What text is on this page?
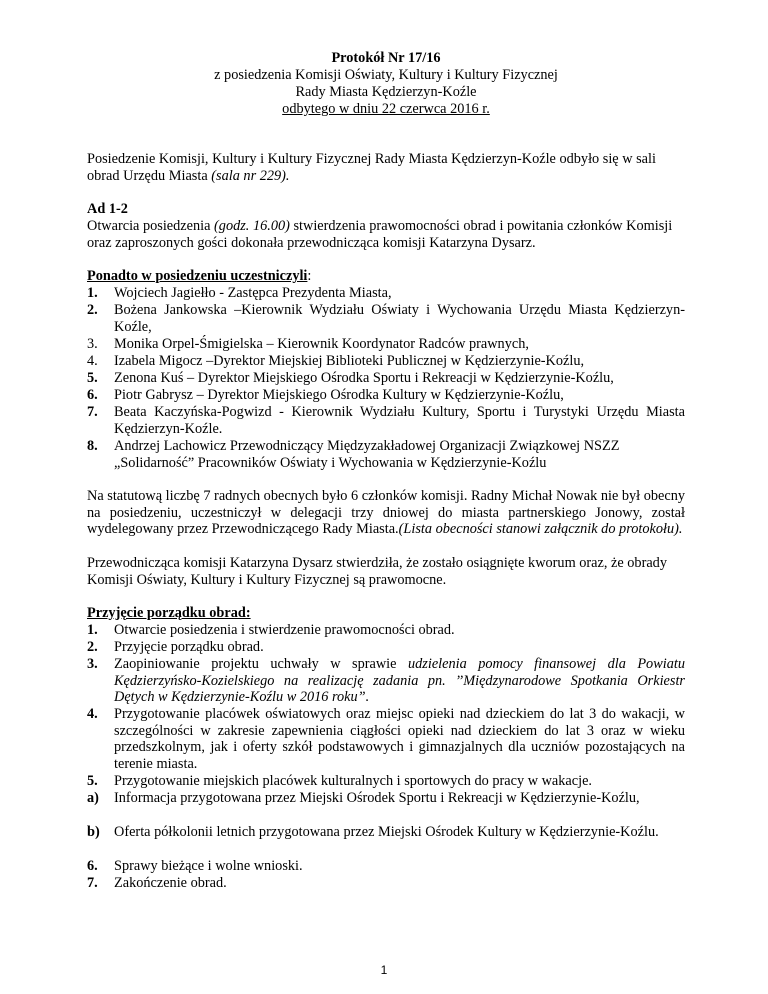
Protokół Nr 17/16
z posiedzenia Komisji Oświaty, Kultury i Kultury Fizycznej
Rady Miasta Kędzierzyn-Koźle
odbytego w dniu 22 czerwca 2016 r.
Posiedzenie Komisji, Kultury i Kultury Fizycznej Rady Miasta Kędzierzyn-Koźle odbyło się w sali obrad Urzędu Miasta (sala nr 229).
Ad 1-2
Otwarcia posiedzenia (godz. 16.00) stwierdzenia prawomocności obrad i powitania członków Komisji oraz zaproszonych gości dokonała przewodnicząca komisji Katarzyna Dysarz.
Ponadto w posiedzeniu uczestniczyli:
1.	Wojciech Jagiełło - Zastępca Prezydenta Miasta,
2.	Bożena Jankowska –Kierownik Wydziału Oświaty i Wychowania Urzędu Miasta Kędzierzyn-Koźle,
3.	Monika Orpel-Śmigielska – Kierownik Koordynator Radców prawnych,
4.	Izabela Migocz –Dyrektor Miejskiej Biblioteki Publicznej w Kędzierzynie-Koźlu,
5.	Zenona Kuś – Dyrektor Miejskiego Ośrodka Sportu i Rekreacji w Kędzierzynie-Koźlu,
6.	Piotr Gabrysz – Dyrektor Miejskiego Ośrodka Kultury w Kędzierzynie-Koźlu,
7.	Beata Kaczyńska-Pogwizd - Kierownik Wydziału Kultury, Sportu i Turystyki Urzędu Miasta Kędzierzyn-Koźle.
8.	Andrzej Lachowicz Przewodniczący Międzyzakładowej Organizacji Związkowej NSZZ „Solidarność” Pracowników Oświaty i Wychowania w Kędzierzynie-Koźlu
Na statutową liczbę 7 radnych obecnych było 6 członków komisji. Radny Michał Nowak nie był obecny na posiedzeniu, uczestniczył w delegacji trzy dniowej do miasta partnerskiego Jonowy, został wydelegowany przez Przewodniczącego Rady Miasta.(Lista obecności stanowi załącznik do protokołu).
Przewodnicząca komisji Katarzyna Dysarz stwierdziła, że zostało osiągnięte kworum oraz, że obrady Komisji Oświaty, Kultury i Kultury Fizycznej są prawomocne.
Przyjęcie porządku obrad:
1.	Otwarcie posiedzenia i stwierdzenie prawomocności obrad.
2.	Przyjęcie porządku obrad.
3.	Zaopiniowanie projektu uchwały w sprawie udzielenia pomocy finansowej dla Powiatu Kędzierzyńsko-Kozielskiego na realizację zadania pn. ’’Międzynarodowe Spotkania Orkiestr Dętych w Kędzierzynie-Koźlu w 2016 roku”.
4.	Przygotowanie placówek oświatowych oraz miejsc opieki nad dzieckiem do lat 3 do wakacji, w szczególności w zakresie zapewnienia ciągłości opieki nad dzieckiem do lat 3 oraz w wieku przedszkolnym, jak i oferty szkół podstawowych i gimnazjalnych dla uczniów pozostających na terenie miasta.
5.	Przygotowanie miejskich placówek kulturalnych i sportowych do pracy w wakacje.
a)	Informacja przygotowana przez Miejski Ośrodek Sportu i Rekreacji w Kędzierzynie-Koźlu,
b) Oferta półkolonii letnich przygotowana przez Miejski Ośrodek Kultury w Kędzierzynie-Koźlu.
6.	Sprawy bieżące i wolne wnioski.
7.	Zakończenie obrad.
1
